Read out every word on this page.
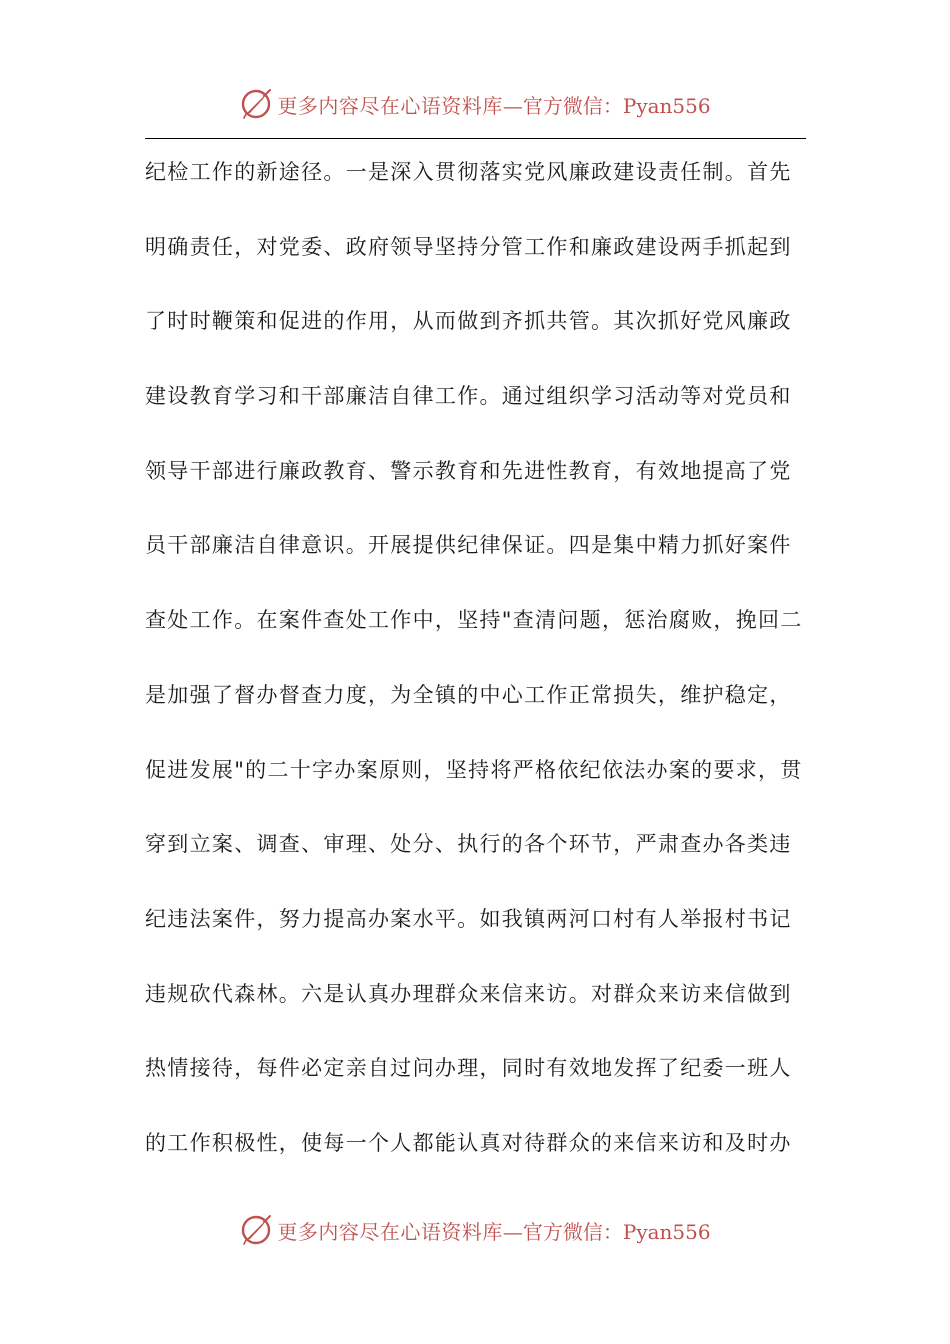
更多内容尽在心语资料库 —官方微信：Pyan556
纪检工作的新途径。一是深入贯彻落实党风廉政建设责任制。首先
明确责任，对党委、政府领导坚持分管工作和廉政建设两手抓起到
了时时鞭策和促进的作用，从而做到齐抓共管。其次抓好党风廉政
建设教育学习和干部廉洁自律工作。通过组织学习活动等对党员和
领导干部进行廉政教育、警示教育和先进性教育，有效地提高了党
员干部廉洁自律意识。开展提供纪律保证。四是集中精力抓好案件
查处工作。在案件查处工作中，坚持"查清问题，惩治腐败，挽回二
是加强了督办督查力度，为全镇的中心工作正常损失，维护稳定，
促进发展"的二十字办案原则，坚持将严格依纪依法办案的要求，贯
穿到立案、调查、审理、处分、执行的各个环节，严肃查办各类违
纪违法案件，努力提高办案水平。如我镇两河口村有人举报村书记
违规砍代森林。六是认真办理群众来信来访。对群众来访来信做到
热情接待，每件必定亲自过问办理，同时有效地发挥了纪委一班人
的工作积极性，使每一个人都能认真对待群众的来信来访和及时办
更多内容尽在心语资料库 —官方微信：Pyan556
